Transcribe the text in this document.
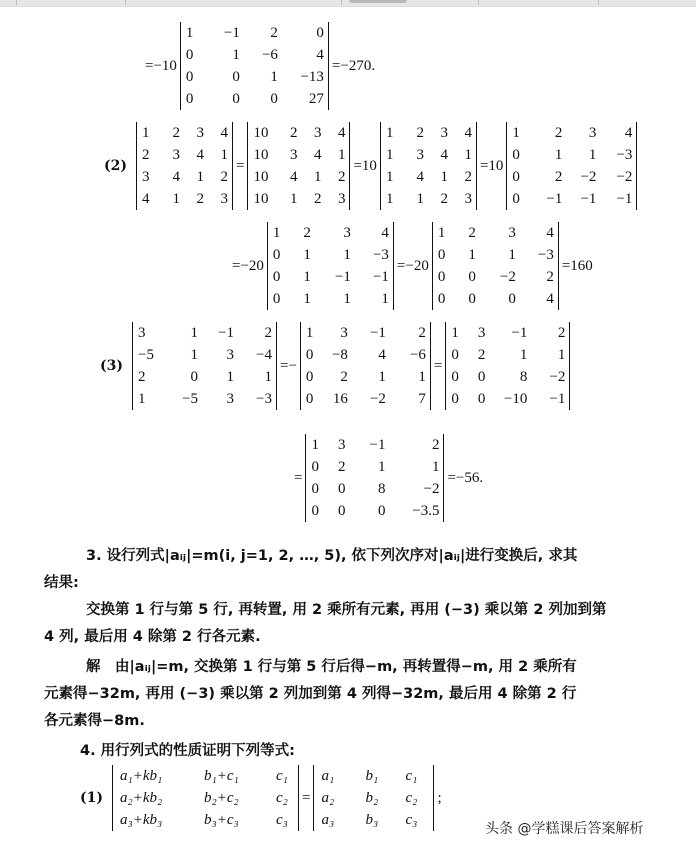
=−10
1	−1	2	0
0	1	−6	4
0	0	1	−13
0	0	0	27
=−270.
(2)
1	2	3	4
2	3	4	1
3	4	1	2
4	1	2	3
=
10	2	3	4
10	3	4	1
10	4	1	2
10	1	2	3
=10
1	2	3	4
1	3	4	1
1	4	1	2
1	1	2	3
=10
1	2	3	4
0	1	1	−3
0	2	−2	−2
0	−1	−1	−1
=−20
1	2	3	4
0	1	1	−3
0	1	−1	−1
0	1	1	1
=−20
1	2	3	4
0	1	1	−3
0	0	−2	2
0	0	0	4
=160
(3)
3	1	−1	2
−5	1	3	−4
2	0	1	1
1	−5	3	−3
=−
1	3	−1	2
0	−8	4	−6
0	2	1	1
0	16	−2	7
=
1	3	−1	2
0	2	1	1
0	0	8	−2
0	0	−10	−1
=
1	3	−1	2
0	2	1	1
0	0	8	−2
0	0	0	−3.5
=−56.
3. 设行列式|aᵢⱼ|=m(i, j=1, 2, …, 5), 依下列次序对|aᵢⱼ|进行变换后, 求其
结果:
交换第 1 行与第 5 行, 再转置, 用 2 乘所有元素, 再用 (−3) 乘以第 2 列加到第
4 列, 最后用 4 除第 2 行各元素.
解　由|aᵢⱼ|=m, 交换第 1 行与第 5 行后得−m, 再转置得−m, 用 2 乘所有
元素得−32m, 再用 (−3) 乘以第 2 列加到第 4 列得−32m, 最后用 4 除第 2 行
各元素得−8m.
4. 用行列式的性质证明下列等式:
(1)
a₁+kb₁	b₁+c₁	c₁
a₂+kb₂	b₂+c₂	c₂
a₃+kb₃	b₃+c₃	c₃
=
a₁	b₁	c₁
a₂	b₂	c₂
a₃	b₃	c₃
;
头条 @学糕课后答案解析
